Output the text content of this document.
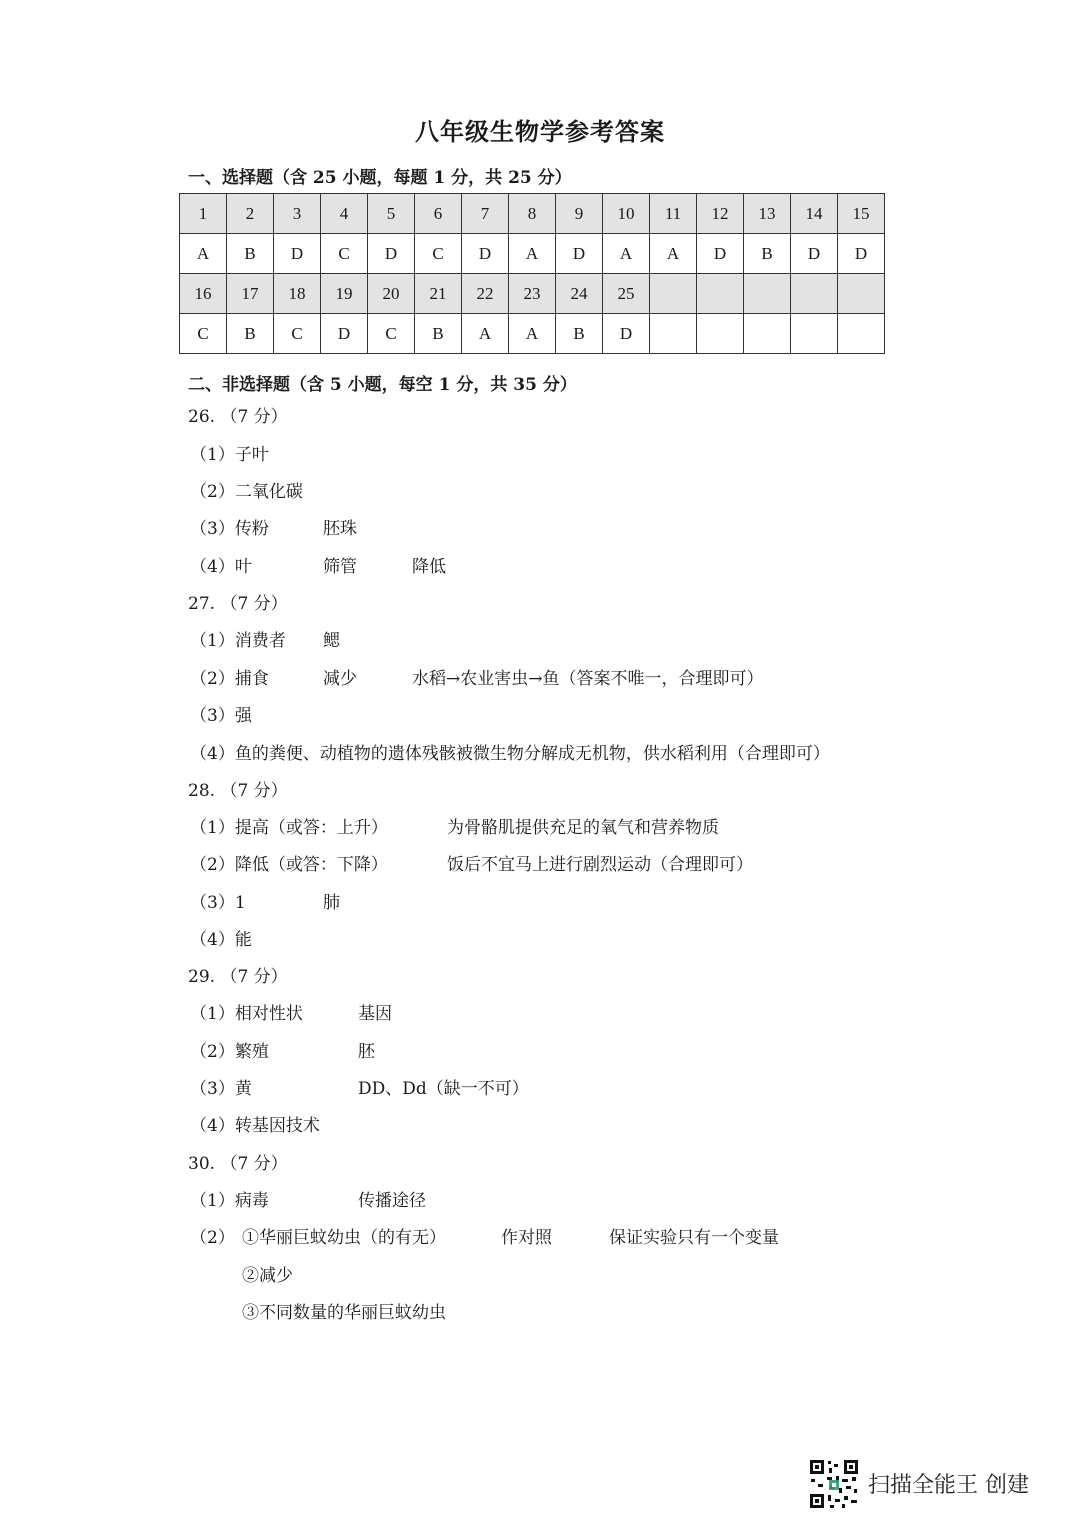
八年级生物学参考答案
一、选择题（含 25 小题，每题 1 分，共 25 分）
1	2	3	4	5	6	7	8	9	10	11	12	13	14	15
A	B	D	C	D	C	D	A	D	A	A	D	B	D	D
16	17	18	19	20	21	22	23	24	25					
C	B	C	D	C	B	A	A	B	D					
二、非选择题（含 5 小题，每空 1 分，共 35 分）
26. （7 分）
（1）子叶
（2）二氧化碳
（3）传粉	胚珠
（4）叶	筛管	降低
27. （7 分）
（1）消费者 鳃
（2）捕食	减少	水稻→农业害虫→鱼（答案不唯一，合理即可）
（3）强
（4）鱼的粪便、动植物的遗体残骸被微生物分解成无机物，供水稻利用（合理即可）
28. （7 分）
（1）提高（或答：上升）	为骨骼肌提供充足的氧气和营养物质
（2）降低（或答：下降）	饭后不宜马上进行剧烈运动（合理即可）
（3）1	肺
（4）能
29. （7 分）
（1）相对性状	基因
（2）繁殖	胚
（3）黄	DD、Dd（缺一不可）
（4）转基因技术
30. （7 分）
（1）病毒	传播途径
（2） ①华丽巨蚊幼虫（的有无）	作对照	保证实验只有一个变量
②减少
③不同数量的华丽巨蚊幼虫
扫描全能王 创建
